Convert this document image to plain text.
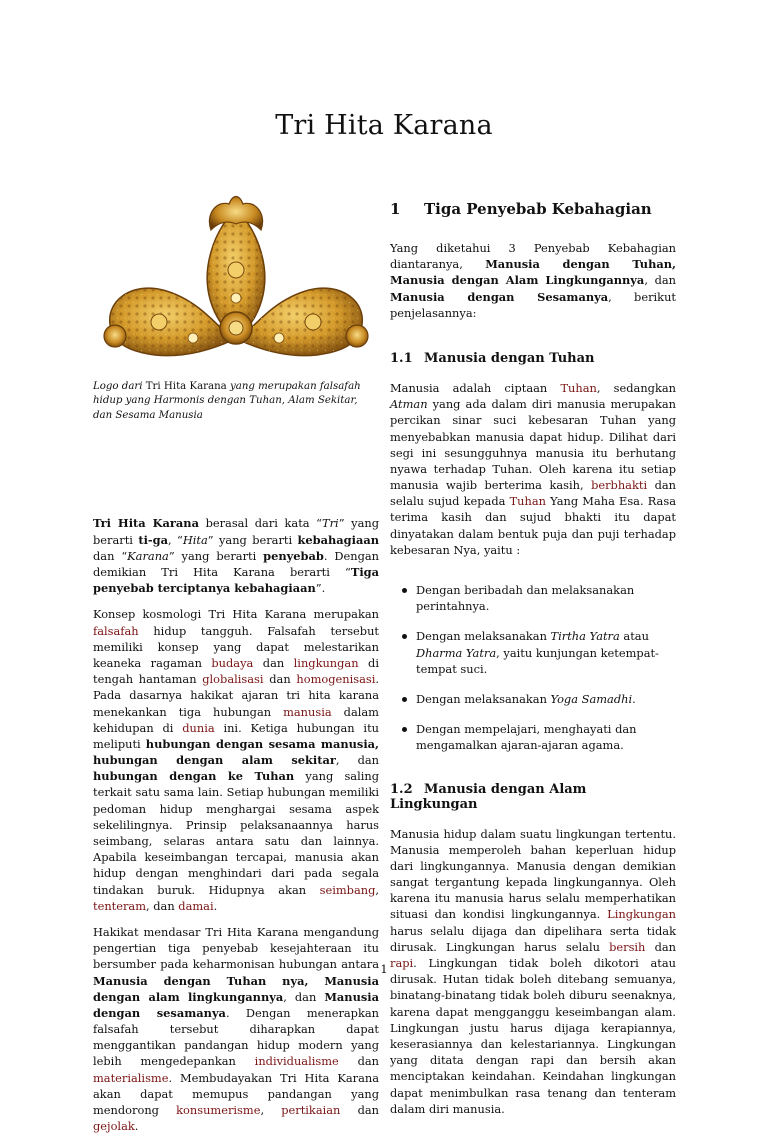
Tri Hita Karana

Logo dari Tri Hita Karana yang merupakan falsafah hidup yang Harmonis dengan Tuhan, Alam Sekitar, dan Sesama Manusia

Tri Hita Karana berasal dari kata “Tri” yang berarti ti-ga, “Hita” yang berarti kebahagiaan dan “Karana” yang berarti penyebab. Dengan demikian Tri Hita Karana berarti “Tiga penyebab terciptanya kebahagiaan”.

Konsep kosmologi Tri Hita Karana merupakan falsafah hidup tangguh. Falsafah tersebut memiliki konsep yang dapat melestarikan keaneka ragaman budaya dan lingkungan di tengah hantaman globalisasi dan homogenisasi. Pada dasarnya hakikat ajaran tri hita karana menekankan tiga hubungan manusia dalam kehidupan di dunia ini. Ketiga hubungan itu meliputi hubungan dengan sesama manusia, hubungan dengan alam sekitar, dan hubungan dengan ke Tuhan yang saling terkait satu sama lain. Setiap hubungan memiliki pedoman hidup menghargai sesama aspek sekelilingnya. Prinsip pelaksanaannya harus seimbang, selaras antara satu dan lainnya. Apabila keseimbangan tercapai, manusia akan hidup dengan menghindari dari pada segala tindakan buruk. Hidupnya akan seimbang, tenteram, dan damai.

Hakikat mendasar Tri Hita Karana mengandung pengertian tiga penyebab kesejahteraan itu bersumber pada keharmonisan hubungan antara Manusia dengan Tuhan nya, Manusia dengan alam lingkungannya, dan Manusia dengan sesamanya. Dengan menerapkan falsafah tersebut diharapkan dapat menggantikan pandangan hidup modern yang lebih mengedepankan individualisme dan materialisme. Membudayakan Tri Hita Karana akan dapat memupus pandangan yang mendorong konsumerisme, pertikaian dan gejolak.

1 Tiga Penyebab Kebahagian

Yang diketahui 3 Penyebab Kebahagian diantaranya, Manusia dengan Tuhan, Manusia dengan Alam Lingkungannya, dan Manusia dengan Sesamanya, berikut penjelasannya:

1.1 Manusia dengan Tuhan

Manusia adalah ciptaan Tuhan, sedangkan Atman yang ada dalam diri manusia merupakan percikan sinar suci kebesaran Tuhan yang menyebabkan manusia dapat hidup. Dilihat dari segi ini sesungguhnya manusia itu berhutang nyawa terhadap Tuhan. Oleh karena itu setiap manusia wajib berterima kasih, berbhakti dan selalu sujud kepada Tuhan Yang Maha Esa. Rasa terima kasih dan sujud bhakti itu dapat dinyatakan dalam bentuk puja dan puji terhadap kebesaran Nya, yaitu :

Dengan beribadah dan melaksanakan perintahnya.
Dengan melaksanakan Tirtha Yatra atau Dharma Yatra, yaitu kunjungan ketempat-tempat suci.
Dengan melaksanakan Yoga Samadhi.
Dengan mempelajari, menghayati dan mengamalkan ajaran-ajaran agama.
1.2 Manusia dengan Alam Lingkungan

Manusia hidup dalam suatu lingkungan tertentu. Manusia memperoleh bahan keperluan hidup dari lingkungannya. Manusia dengan demikian sangat tergantung kepada lingkungannya. Oleh karena itu manusia harus selalu memperhatikan situasi dan kondisi lingkungannya. Lingkungan harus selalu dijaga dan dipelihara serta tidak dirusak. Lingkungan harus selalu bersih dan rapi. Lingkungan tidak boleh dikotori atau dirusak. Hutan tidak boleh ditebang semuanya, binatang-binatang tidak boleh diburu seenaknya, karena dapat mengganggu keseimbangan alam. Lingkungan justu harus dijaga kerapiannya, keserasiannya dan kelestariannya. Lingkungan yang ditata dengan rapi dan bersih akan menciptakan keindahan. Keindahan lingkungan dapat menimbulkan rasa tenang dan tenteram dalam diri manusia.

1
